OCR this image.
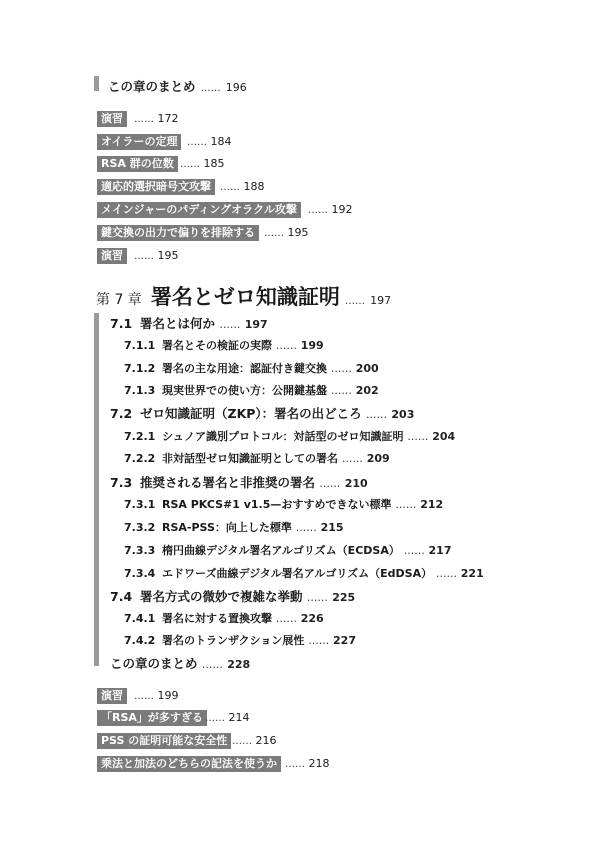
この章のまとめ …… 196
演習	…… 172
オイラーの定理 …… 184
RSA 群の位数 …… 185
適応的選択暗号文攻撃 …… 188
メインジャーのパディングオラクル攻撃	…… 192
鍵交換の出力で偏りを排除する …… 195
演習	…… 195
第 7 章 署名とゼロ知識証明 …… 197
7.1 署名とは何か …… 197
7.1.1 署名とその検証の実際 …… 199
7.1.2 署名の主な用途：認証付き鍵交換 …… 200
7.1.3 現実世界での使い方：公開鍵基盤 …… 202
7.2 ゼロ知識証明（ZKP）：署名の出どころ …… 203
7.2.1 シュノア識別プロトコル：対話型のゼロ知識証明 …… 204
7.2.2 非対話型ゼロ知識証明としての署名 …… 209
7.3 推奨される署名と非推奨の署名 …… 210
7.3.1 RSA PKCS#1 v1.5—おすすめできない標準 …… 212
7.3.2 RSA-PSS：向上した標準 …… 215
7.3.3 楕円曲線デジタル署名アルゴリズム（ECDSA） …… 217
7.3.4 エドワーズ曲線デジタル署名アルゴリズム（EdDSA） …… 221
7.4 署名方式の微妙で複雑な挙動 …… 225
7.4.1 署名に対する置換攻撃 …… 226
7.4.2 署名のトランザクション展性 …… 227
この章のまとめ …… 228
演習	…… 199
「RSA」が多すぎる …… 214
PSS の証明可能な安全性 …… 216
乗法と加法のどちらの記法を使うか …… 218
